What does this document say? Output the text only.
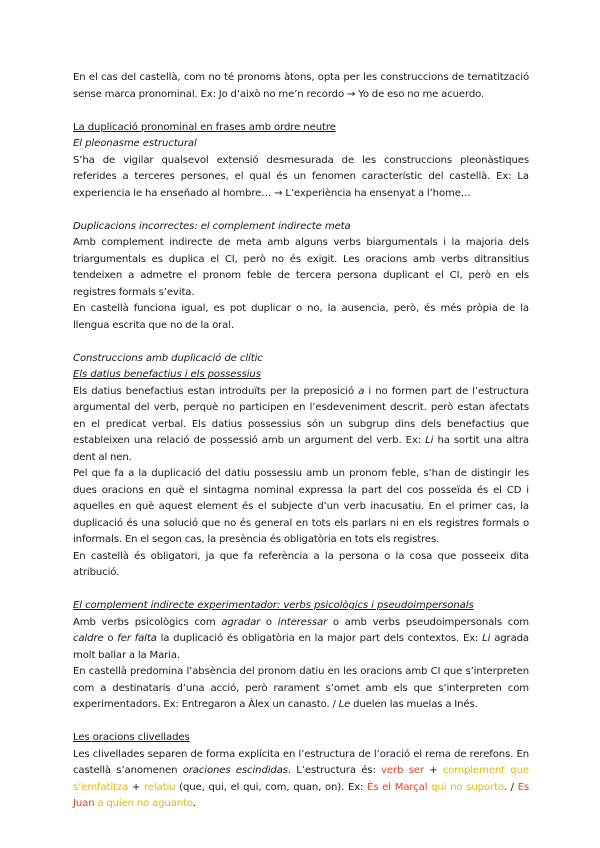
En el cas del castellà, com no té pronoms àtons, opta per les construccions de tematització sense marca pronominal. Ex: Jo d’això no me’n recordo → Yo de eso no me acuerdo.

La duplicació pronominal en frases amb ordre neutre
El pleonasme estructural

S’ha de vigilar qualsevol extensió desmesurada de les construccions pleonàstiques referides a terceres persones, el qual és un fenomen característic del castellà. Ex: La experiencia le ha enseñado al hombre… → L’experiència ha ensenyat a l’home…

Duplicacions incorrectes: el complement indirecte meta

Amb complement indirecte de meta amb alguns verbs biargumentals i la majoria dels triargumentals es duplica el CI, però no és exigit. Les oracions amb verbs ditransitius tendeixen a admetre el pronom feble de tercera persona duplicant el CI, però en els registres formals s’evita.

En castellà funciona igual, es pot duplicar o no, la ausencia, però, és més pròpia de la llengua escrita que no de la oral.

Construccions amb duplicació de clític
Els datius benefactius i els possessius

Els datius benefactius estan introduïts per la preposició a i no formen part de l’estructura argumental del verb, perquè no participen en l’esdeveniment descrit. però estan afectats en el predicat verbal. Els datius possessius són un subgrup dins dels benefactius que estableixen una relació de possessió amb un argument del verb. Ex: Li ha sortit una altra dent al nen.

Pel que fa a la duplicació del datiu possessiu amb un pronom feble, s’han de distingir les dues oracions en què el sintagma nominal expressa la part del cos posseïda és el CD i aquelles en què aquest element és el subjecte d’un verb inacusatiu. En el primer cas, la duplicació és una solució que no és general en tots els parlars ni en els registres formals o informals. En el segon cas, la presència és obligatòria en tots els registres.

En castellà és obligatori, ja que fa referència a la persona o la cosa que posseeix dita atribució.

El complement indirecte experimentador: verbs psicològics i pseudoimpersonals

Amb verbs psicològics com agradar o interessar o amb verbs pseudoimpersonals com caldre o fer falta la duplicació és obligatòria en la major part dels contextos. Ex: Li agrada molt ballar a la Maria.

En castellà predomina l’absència del pronom datiu en les oracions amb CI que s’interpreten com a destinataris d’una acció, però rarament s’omet amb els que s’interpreten com experimentadors. Ex: Entregaron a Àlex un canasto. / Le duelen las muelas a Inés.

Les oracions clivellades

Les clivellades separen de forma explícita en l’estructura de l’oració el rema de rerefons. En castellà s’anomenen oraciones escindidas. L’estructura és: verb ser + complement que s’emfatitza + relatiu (que, qui, el qui, com, quan, on). Ex: És el Marçal qui no suporto. / Es Juan a quien no aguanto.
